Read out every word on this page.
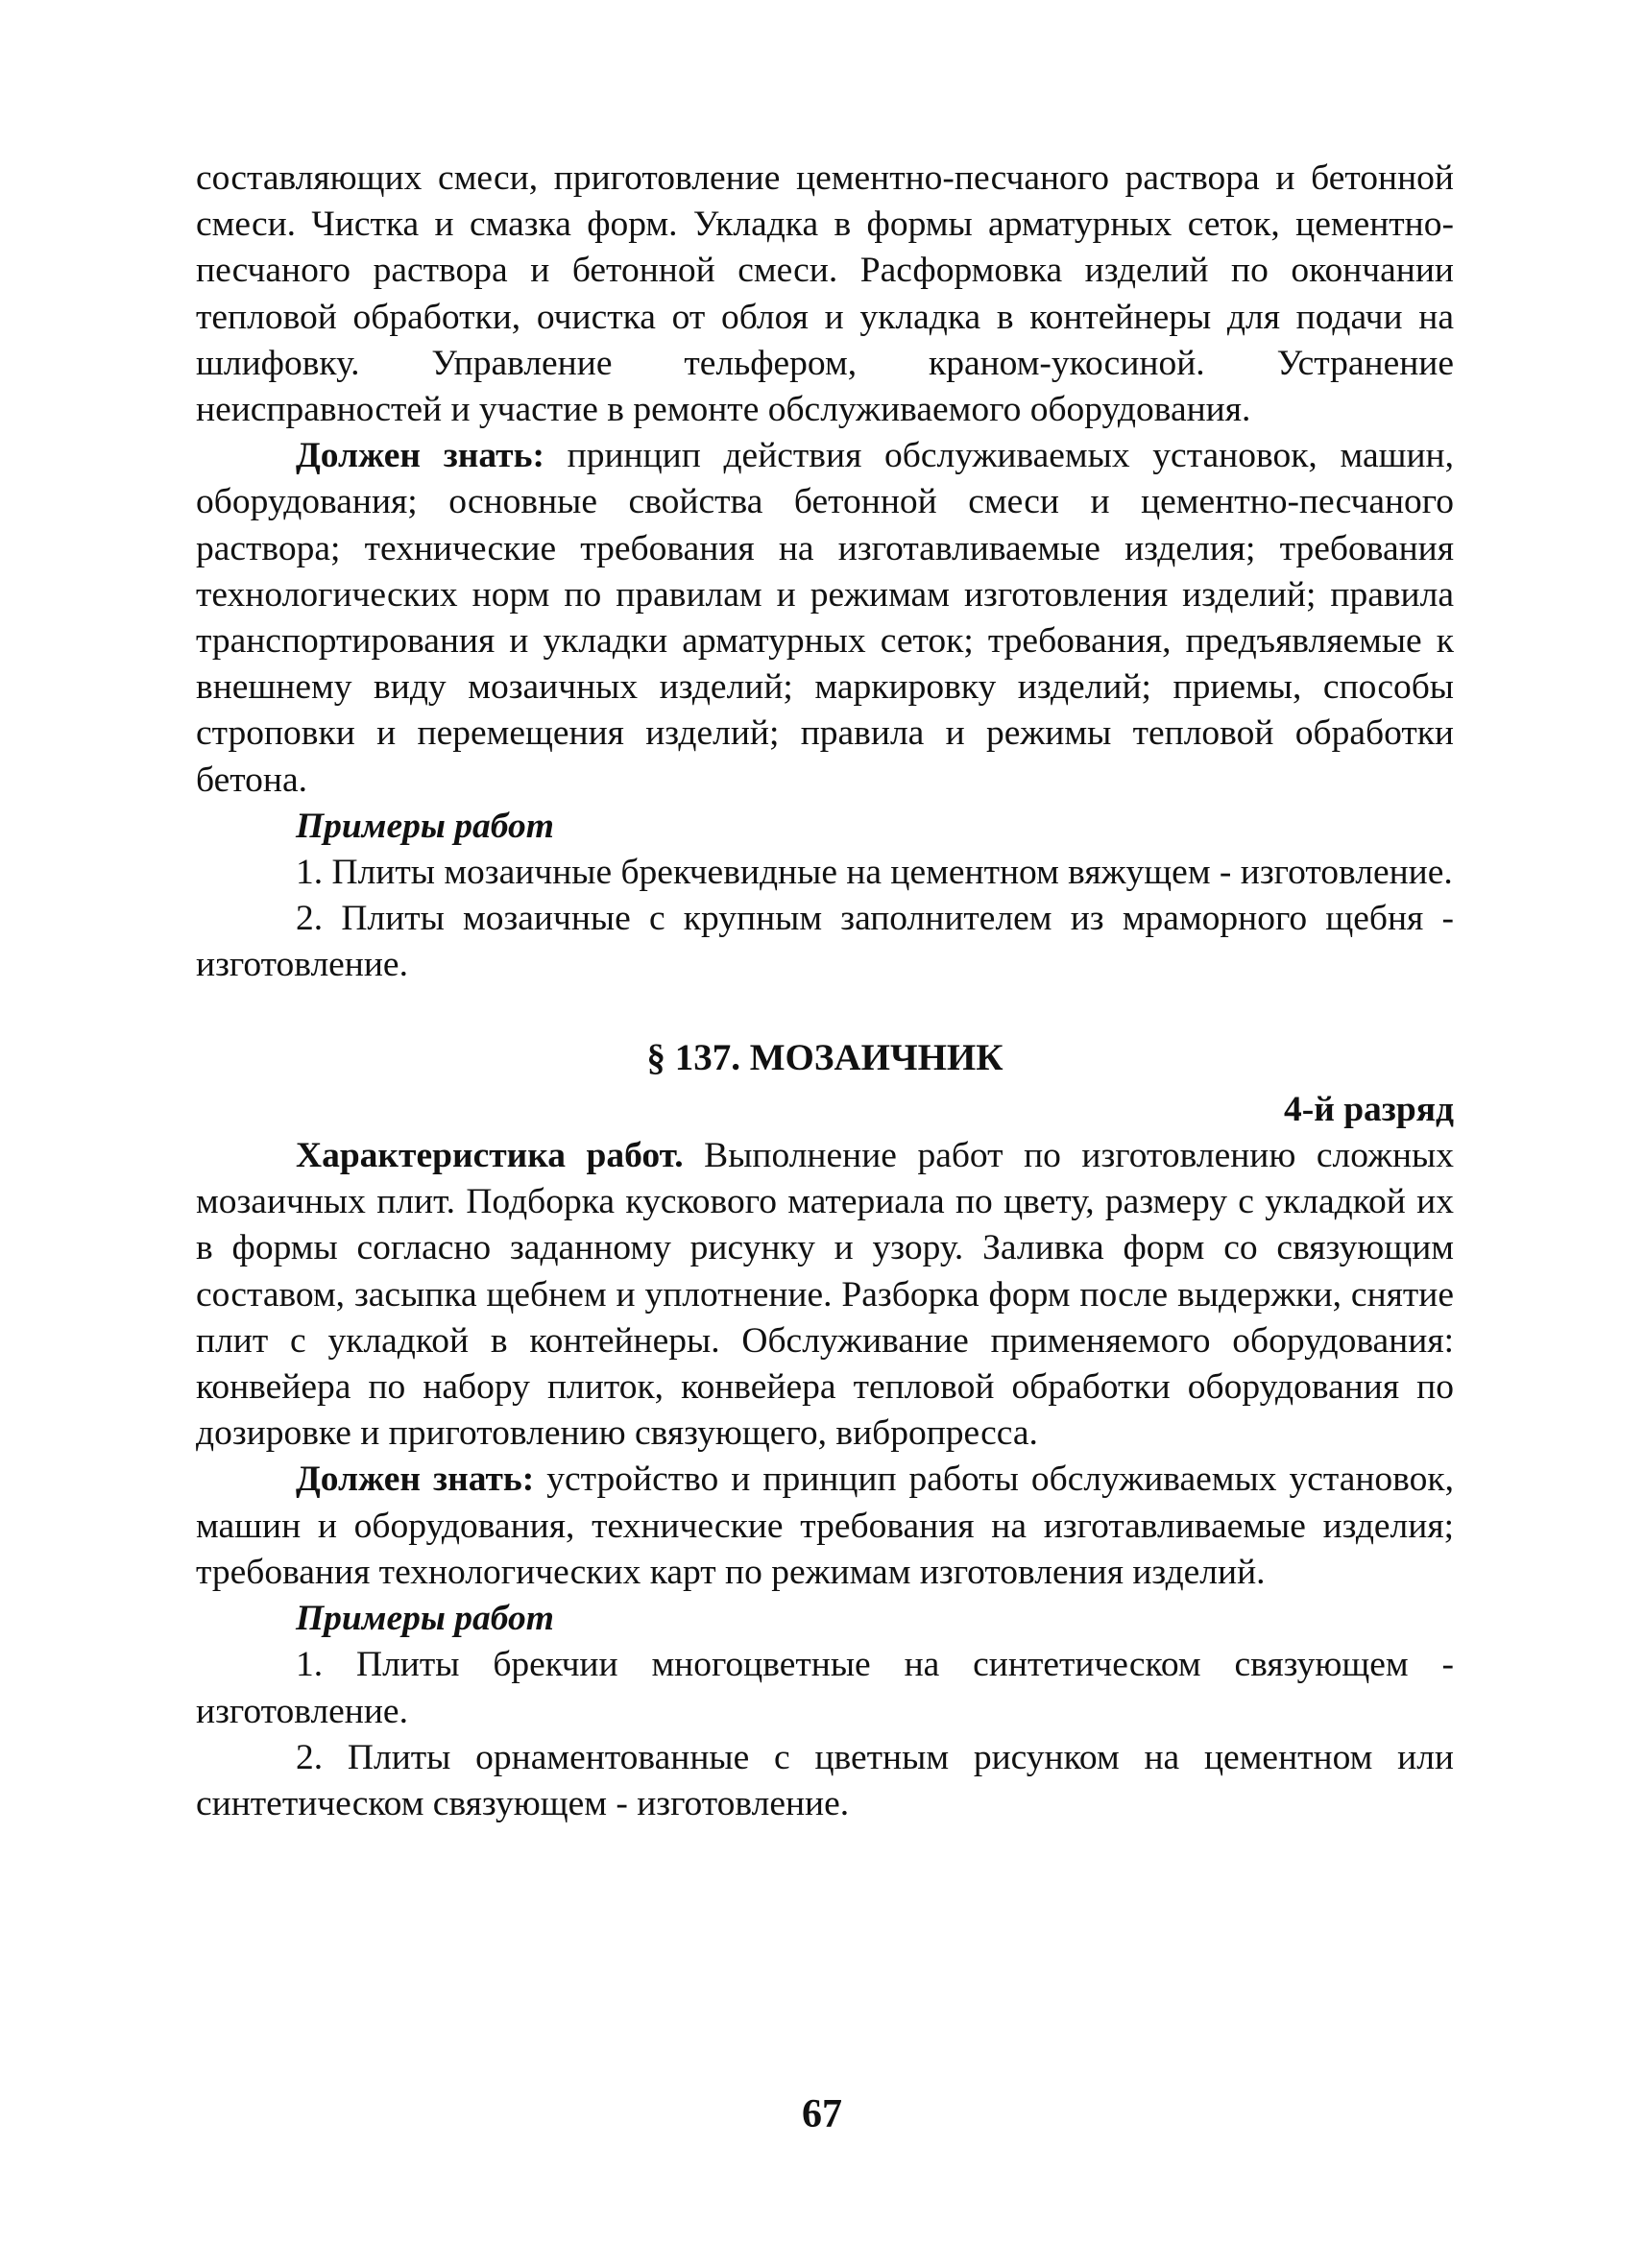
составляющих смеси, приготовление цементно-песчаного раствора и бетонной смеси. Чистка и смазка форм. Укладка в формы арматурных сеток, цементно-песчаного раствора и бетонной смеси. Расформовка изделий по окончании тепловой обработки, очистка от облоя и укладка в контейнеры для подачи на шлифовку. Управление тельфером, краном-укосиной. Устранение неисправностей и участие в ремонте обслуживаемого оборудования.

Должен знать: принцип действия обслуживаемых установок, машин, оборудования; основные свойства бетонной смеси и цементно-песчаного раствора; технические требования на изготавливаемые изделия; требования технологических норм по правилам и режимам изготовления изделий; правила транспортирования и укладки арматурных сеток; требования, предъявляемые к внешнему виду мозаичных изделий; маркировку изделий; приемы, способы строповки и перемещения изделий; правила и режимы тепловой обработки бетона.

Примеры работ

1. Плиты мозаичные брекчевидные на цементном вяжущем - изготовление.

2. Плиты мозаичные с крупным заполнителем из мраморного щебня - изготовление.

§ 137. МОЗАИЧНИК

4-й разряд

Характеристика работ. Выполнение работ по изготовлению сложных мозаичных плит. Подборка кускового материала по цвету, размеру с укладкой их в формы согласно заданному рисунку и узору. Заливка форм со связующим составом, засыпка щебнем и уплотнение. Разборка форм после выдержки, снятие плит с укладкой в контейнеры. Обслуживание применяемого оборудования: конвейера по набору плиток, конвейера тепловой обработки оборудования по дозировке и приготовлению связующего, вибропресса.

Должен знать: устройство и принцип работы обслуживаемых установок, машин и оборудования, технические требования на изготавливаемые изделия; требования технологических карт по режимам изготовления изделий.

Примеры работ

1. Плиты брекчии многоцветные на синтетическом связующем - изготовление.

2. Плиты орнаментованные с цветным рисунком на цементном или синтетическом связующем - изготовление.

67
